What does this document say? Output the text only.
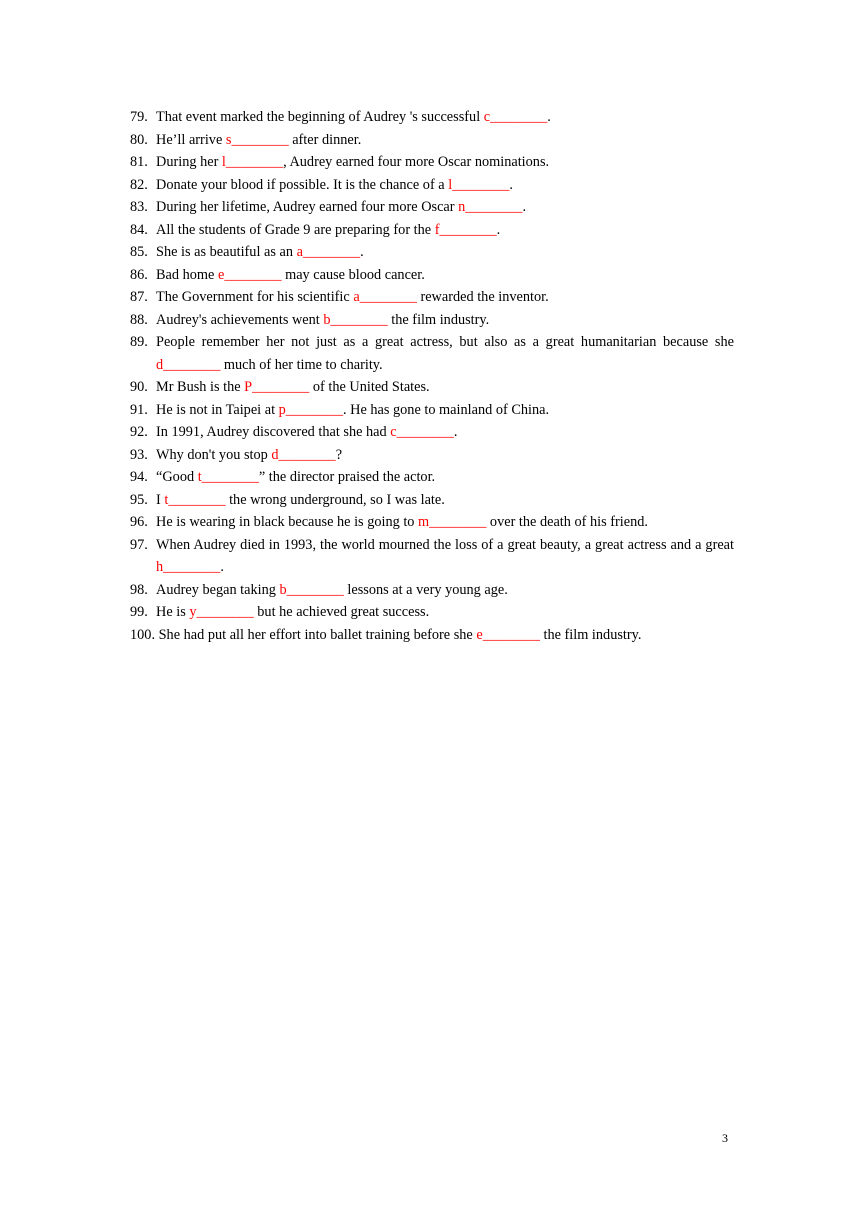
79. That event marked the beginning of Audrey 's successful c________.
80. He’ll arrive s________ after dinner.
81. During her l________, Audrey earned four more Oscar nominations.
82. Donate your blood if possible. It is the chance of a l________.
83. During her lifetime, Audrey earned four more Oscar n________.
84. All the students of Grade 9 are preparing for the f________.
85. She is as beautiful as an a________.
86. Bad home e________ may cause blood cancer.
87. The Government for his scientific a________ rewarded the inventor.
88. Audrey's achievements went b________ the film industry.
89. People remember her not just as a great actress, but also as a great humanitarian because she d________ much of her time to charity.
90. Mr Bush is the P________ of the United States.
91. He is not in Taipei at p________. He has gone to mainland of China.
92. In 1991, Audrey discovered that she had c________.
93. Why don't you stop d________?
94. “Good t________” the director praised the actor.
95. I t________ the wrong underground, so I was late.
96. He is wearing in black because he is going to m________ over the death of his friend.
97. When Audrey died in 1993, the world mourned the loss of a great beauty, a great actress and a great h________.
98. Audrey began taking b________ lessons at a very young age.
99. He is y________ but he achieved great success.
100. She had put all her effort into ballet training before she e________ the film industry.
3
